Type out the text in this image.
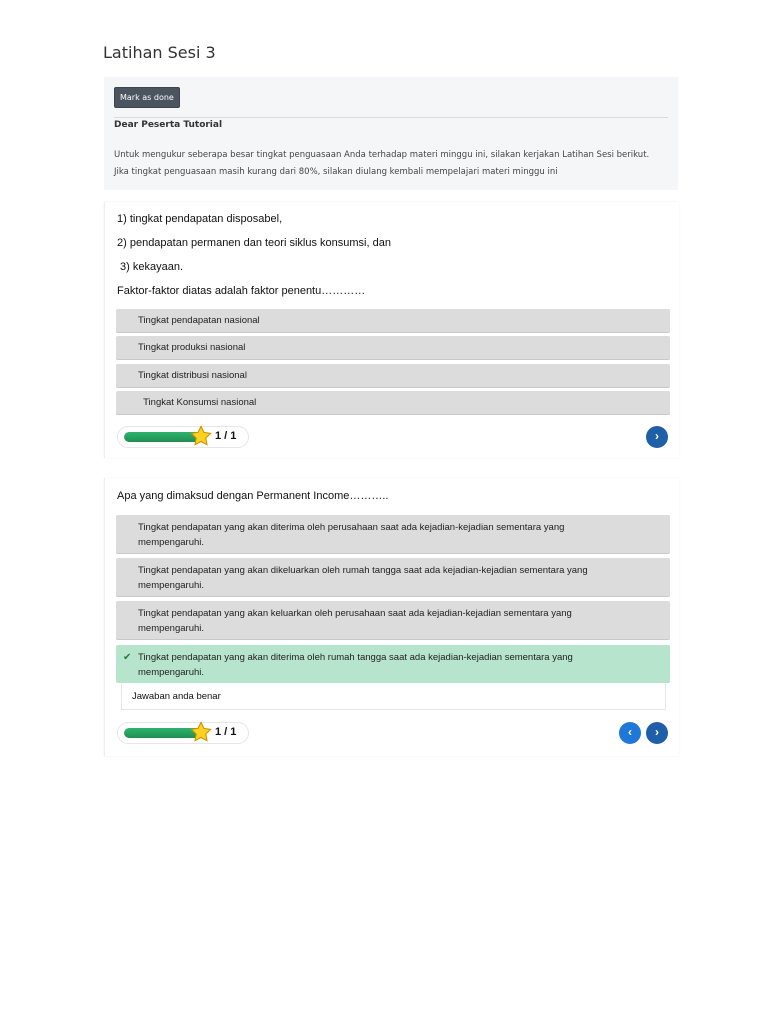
Latihan Sesi 3
Mark as done
Dear Peserta Tutorial
Untuk mengukur seberapa besar tingkat penguasaan Anda terhadap materi minggu ini, silakan kerjakan Latihan Sesi berikut. Jika tingkat penguasaan masih kurang dari 80%, silakan diulang kembali mempelajari materi minggu ini
1) tingkat pendapatan disposabel,
2) pendapatan permanen dan teori siklus konsumsi, dan
3) kekayaan.
Faktor-faktor diatas adalah faktor penentu…………
Tingkat pendapatan nasional
Tingkat produksi nasional
Tingkat distribusi nasional
Tingkat Konsumsi nasional
1 / 1	›
Apa yang dimaksud dengan Permanent Income………..
Tingkat pendapatan yang akan diterima oleh perusahaan saat ada kejadian-kejadian sementara yang mempengaruhi.
Tingkat pendapatan yang akan dikeluarkan oleh rumah tangga saat ada kejadian-kejadian sementara yang mempengaruhi.
Tingkat pendapatan yang akan keluarkan oleh perusahaan saat ada kejadian-kejadian sementara yang mempengaruhi.
✔ Tingkat pendapatan yang akan diterima oleh rumah tangga saat ada kejadian-kejadian sementara yang mempengaruhi.
Jawaban anda benar
1 / 1	‹	›
